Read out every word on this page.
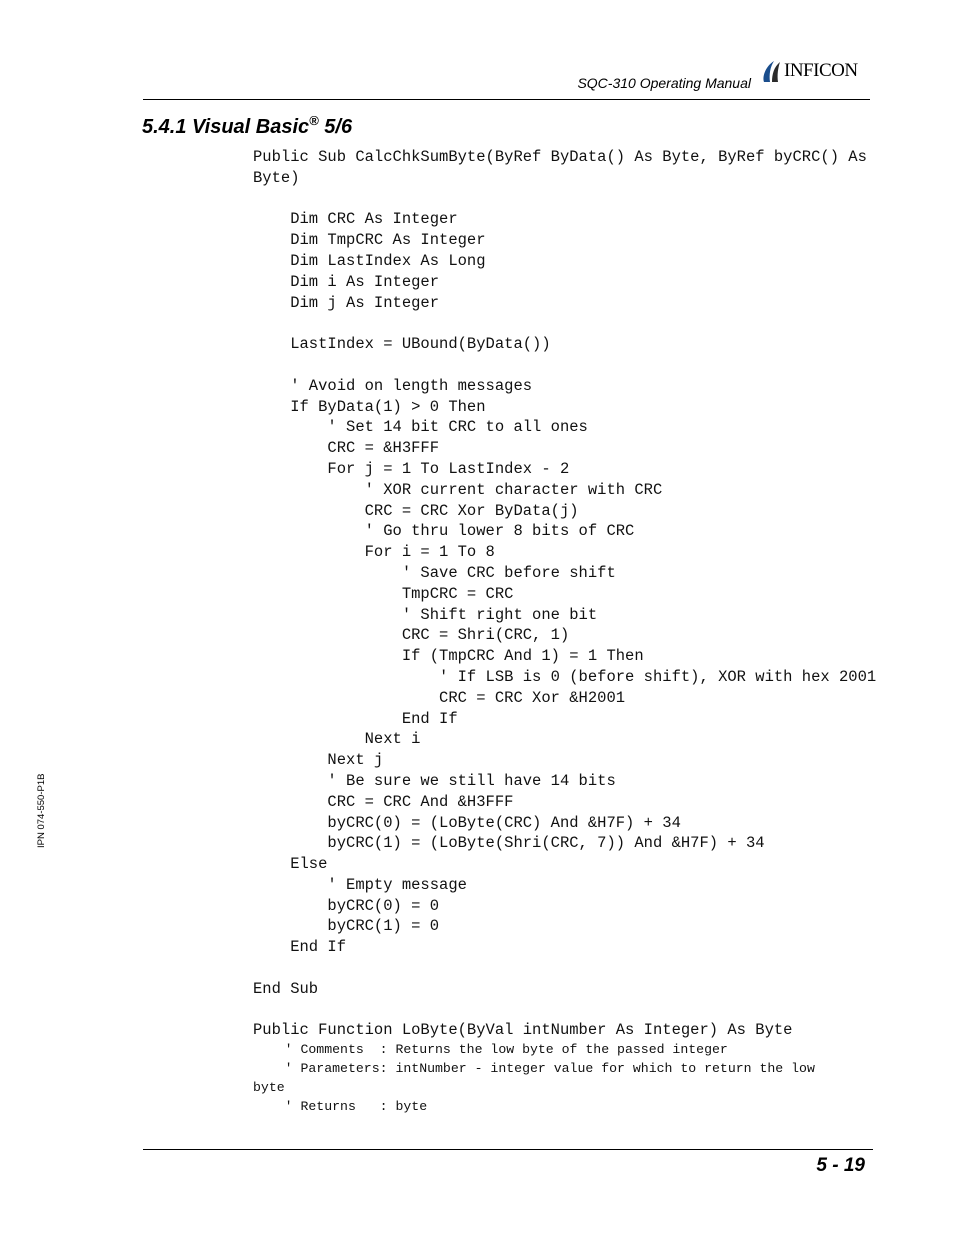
SQC-310 Operating Manual
INFICON
5.4.1 Visual Basic® 5/6
Public Sub CalcChkSumByte(ByRef ByData() As Byte, ByRef byCRC() As
Byte)

Dim CRC As Integer
Dim TmpCRC As Integer
Dim LastIndex As Long
Dim i As Integer
Dim j As Integer

LastIndex = UBound(ByData())

' Avoid on length messages
If ByData(1) > 0 Then
' Set 14 bit CRC to all ones
CRC = &H3FFF
For j = 1 To LastIndex - 2
' XOR current character with CRC
CRC = CRC Xor ByData(j)
' Go thru lower 8 bits of CRC
For i = 1 To 8
' Save CRC before shift
TmpCRC = CRC
' Shift right one bit
CRC = Shri(CRC, 1)
If (TmpCRC And 1) = 1 Then
' If LSB is 0 (before shift), XOR with hex 2001
CRC = CRC Xor &H2001
End If
Next i
Next j
' Be sure we still have 14 bits
CRC = CRC And &H3FFF
byCRC(0) = (LoByte(CRC) And &H7F) + 34
byCRC(1) = (LoByte(Shri(CRC, 7)) And &H7F) + 34
Else
' Empty message
byCRC(0) = 0
byCRC(1) = 0
End If

End Sub

Public Function LoByte(ByVal intNumber As Integer) As Byte
' Comments  : Returns the low byte of the passed integer
' Parameters: intNumber - integer value for which to return the low
byte
' Returns   : byte
IPN 074-550-P1B
5 - 19
